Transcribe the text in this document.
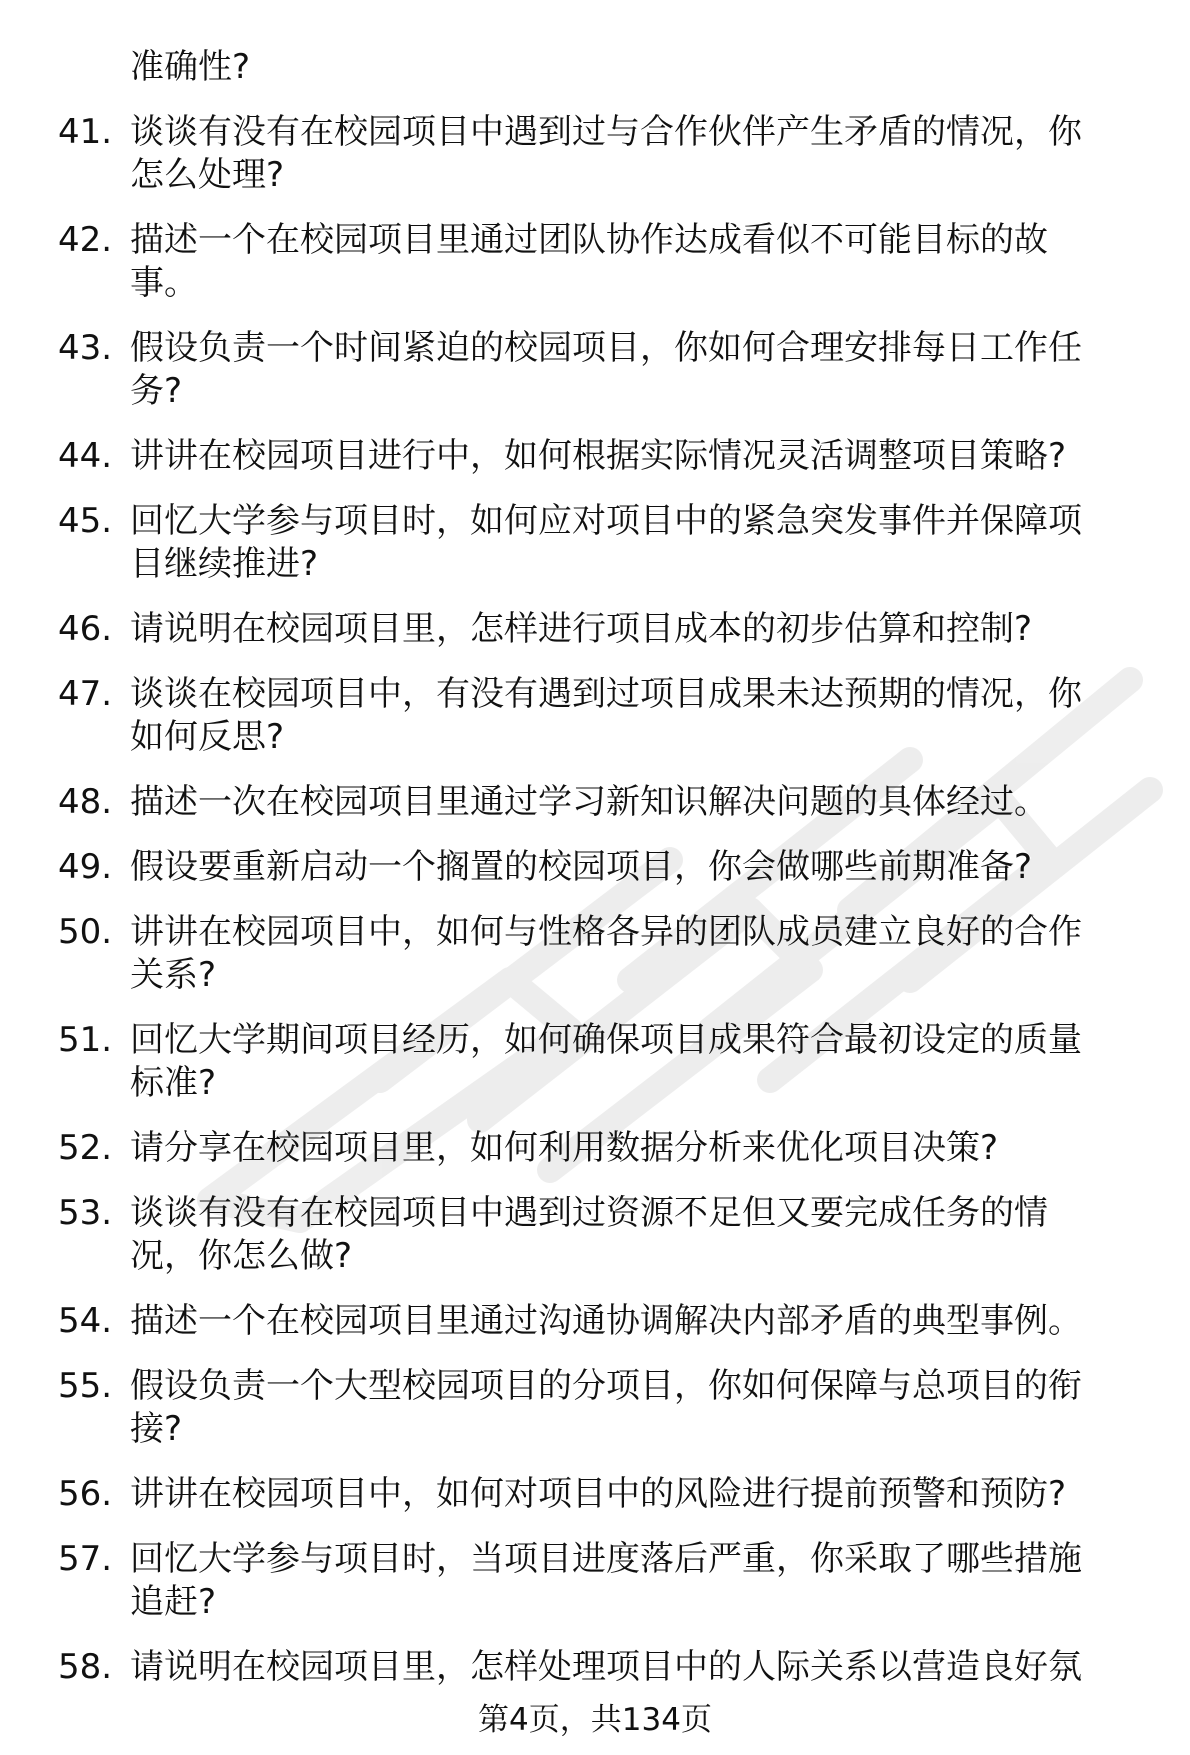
准确性?
41. 谈谈有没有在校园项目中遇到过与合作伙伴产生矛盾的情况，你
怎么处理?
42. 描述一个在校园项目里通过团队协作达成看似不可能目标的故
事。
43. 假设负责一个时间紧迫的校园项目，你如何合理安排每日工作任
务?
44. 讲讲在校园项目进行中，如何根据实际情况灵活调整项目策略?
45. 回忆大学参与项目时，如何应对项目中的紧急突发事件并保障项
目继续推进?
46. 请说明在校园项目里，怎样进行项目成本的初步估算和控制?
47. 谈谈在校园项目中，有没有遇到过项目成果未达预期的情况，你
如何反思?
48. 描述一次在校园项目里通过学习新知识解决问题的具体经过。
49. 假设要重新启动一个搁置的校园项目，你会做哪些前期准备?
50. 讲讲在校园项目中，如何与性格各异的团队成员建立良好的合作
关系?
51. 回忆大学期间项目经历，如何确保项目成果符合最初设定的质量
标准?
52. 请分享在校园项目里，如何利用数据分析来优化项目决策?
53. 谈谈有没有在校园项目中遇到过资源不足但又要完成任务的情
况，你怎么做?
54. 描述一个在校园项目里通过沟通协调解决内部矛盾的典型事例。
55. 假设负责一个大型校园项目的分项目，你如何保障与总项目的衔
接?
56. 讲讲在校园项目中，如何对项目中的风险进行提前预警和预防?
57. 回忆大学参与项目时，当项目进度落后严重，你采取了哪些措施
追赶?
58. 请说明在校园项目里，怎样处理项目中的人际关系以营造良好氛
第4页，共134页
